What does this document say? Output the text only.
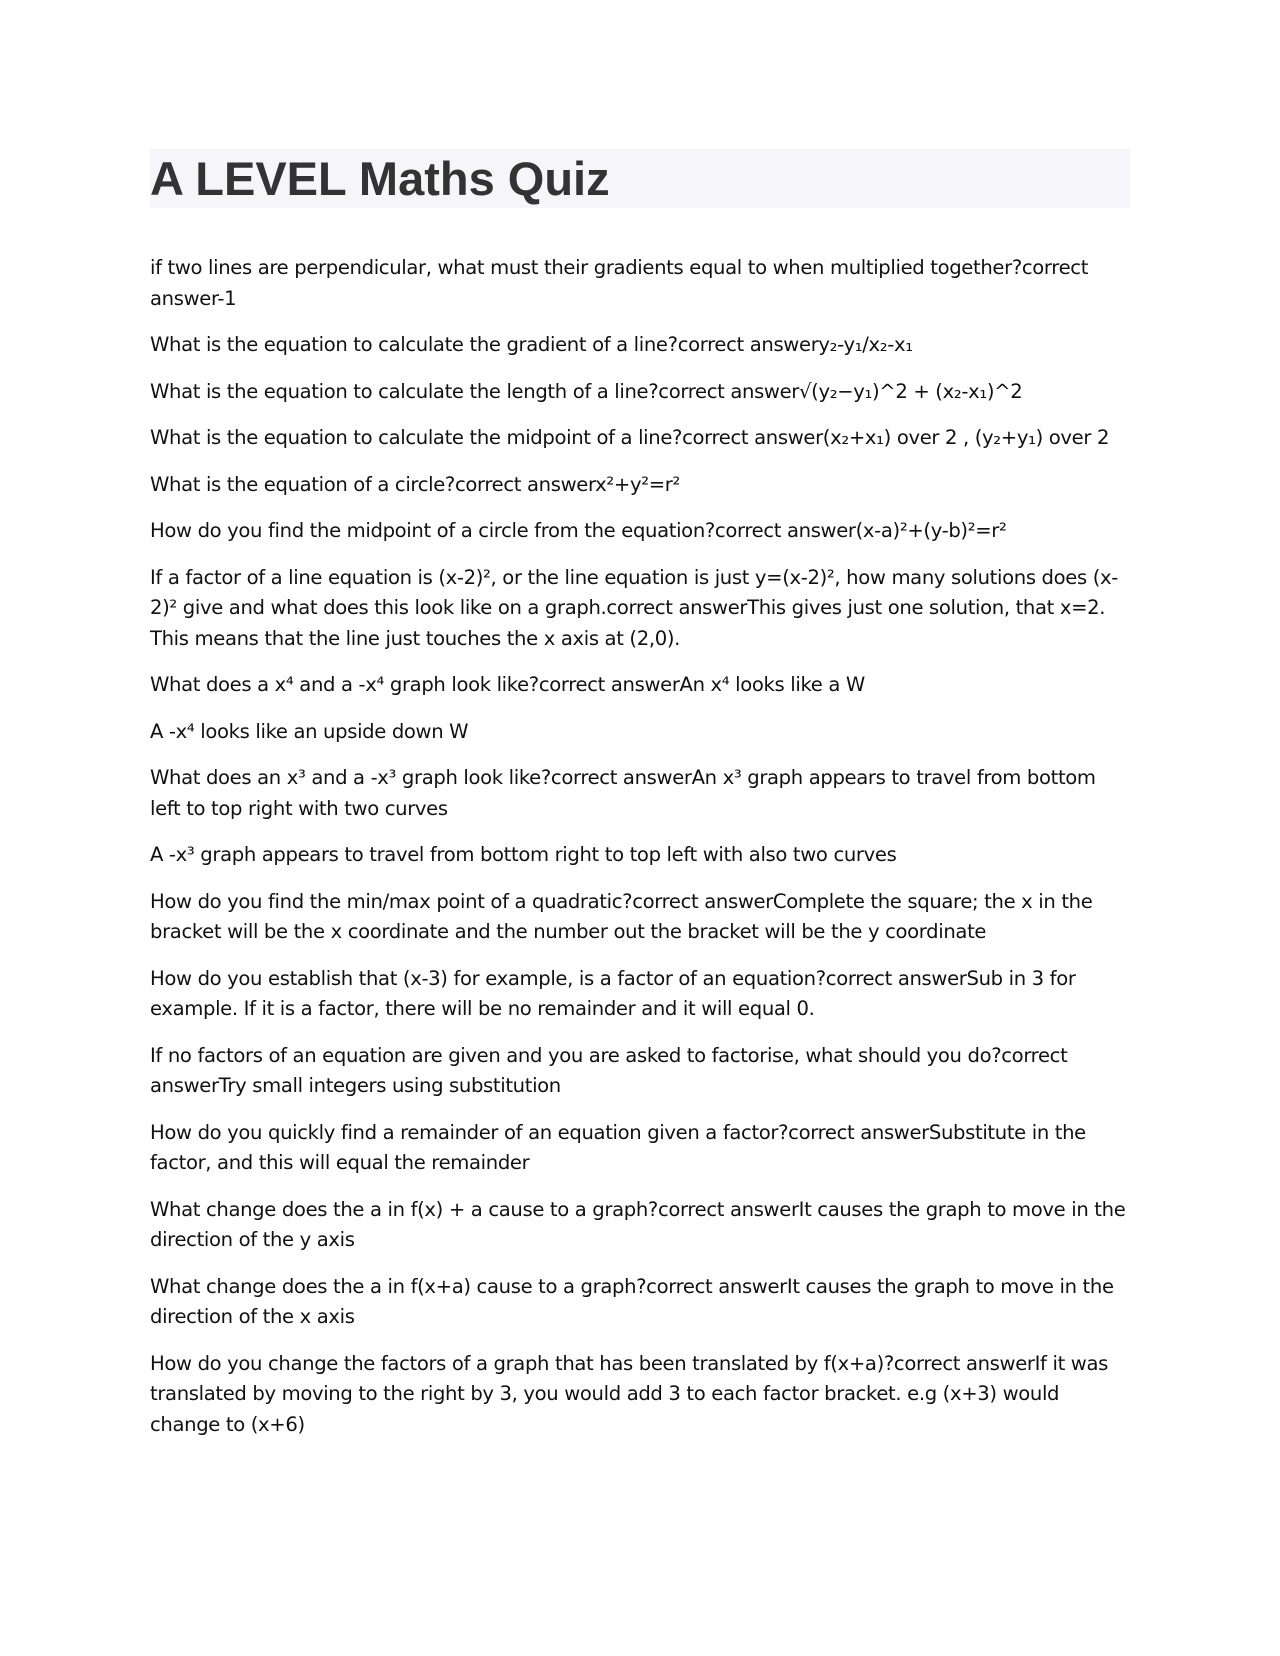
A LEVEL Maths Quiz

if two lines are perpendicular, what must their gradients equal to when multiplied together?correct answer-1

What is the equation to calculate the gradient of a line?correct answery₂-y₁/x₂-x₁

What is the equation to calculate the length of a line?correct answer√(y₂−y₁)^2 + (x₂-x₁)^2

What is the equation to calculate the midpoint of a line?correct answer(x₂+x₁) over 2 , (y₂+y₁) over 2

What is the equation of a circle?correct answerx²+y²=r²

How do you find the midpoint of a circle from the equation?correct answer(x-a)²+(y-b)²=r²

If a factor of a line equation is (x-2)², or the line equation is just y=(x-2)², how many solutions does (x-2)² give and what does this look like on a graph.correct answerThis gives just one solution, that x=2. This means that the line just touches the x axis at (2,0).

What does a x⁴ and a -x⁴ graph look like?correct answerAn x⁴ looks like a W

A -x⁴ looks like an upside down W

What does an x³ and a -x³ graph look like?correct answerAn x³ graph appears to travel from bottom left to top right with two curves

A -x³ graph appears to travel from bottom right to top left with also two curves

How do you find the min/max point of a quadratic?correct answerComplete the square; the x in the bracket will be the x coordinate and the number out the bracket will be the y coordinate

How do you establish that (x-3) for example, is a factor of an equation?correct answerSub in 3 for example. If it is a factor, there will be no remainder and it will equal 0.

If no factors of an equation are given and you are asked to factorise, what should you do?correct answerTry small integers using substitution

How do you quickly find a remainder of an equation given a factor?correct answerSubstitute in the factor, and this will equal the remainder

What change does the a in f(x) + a cause to a graph?correct answerIt causes the graph to move in the direction of the y axis

What change does the a in f(x+a) cause to a graph?correct answerIt causes the graph to move in the direction of the x axis

How do you change the factors of a graph that has been translated by f(x+a)?correct answerIf it was translated by moving to the right by 3, you would add 3 to each factor bracket. e.g (x+3) would change to (x+6)
